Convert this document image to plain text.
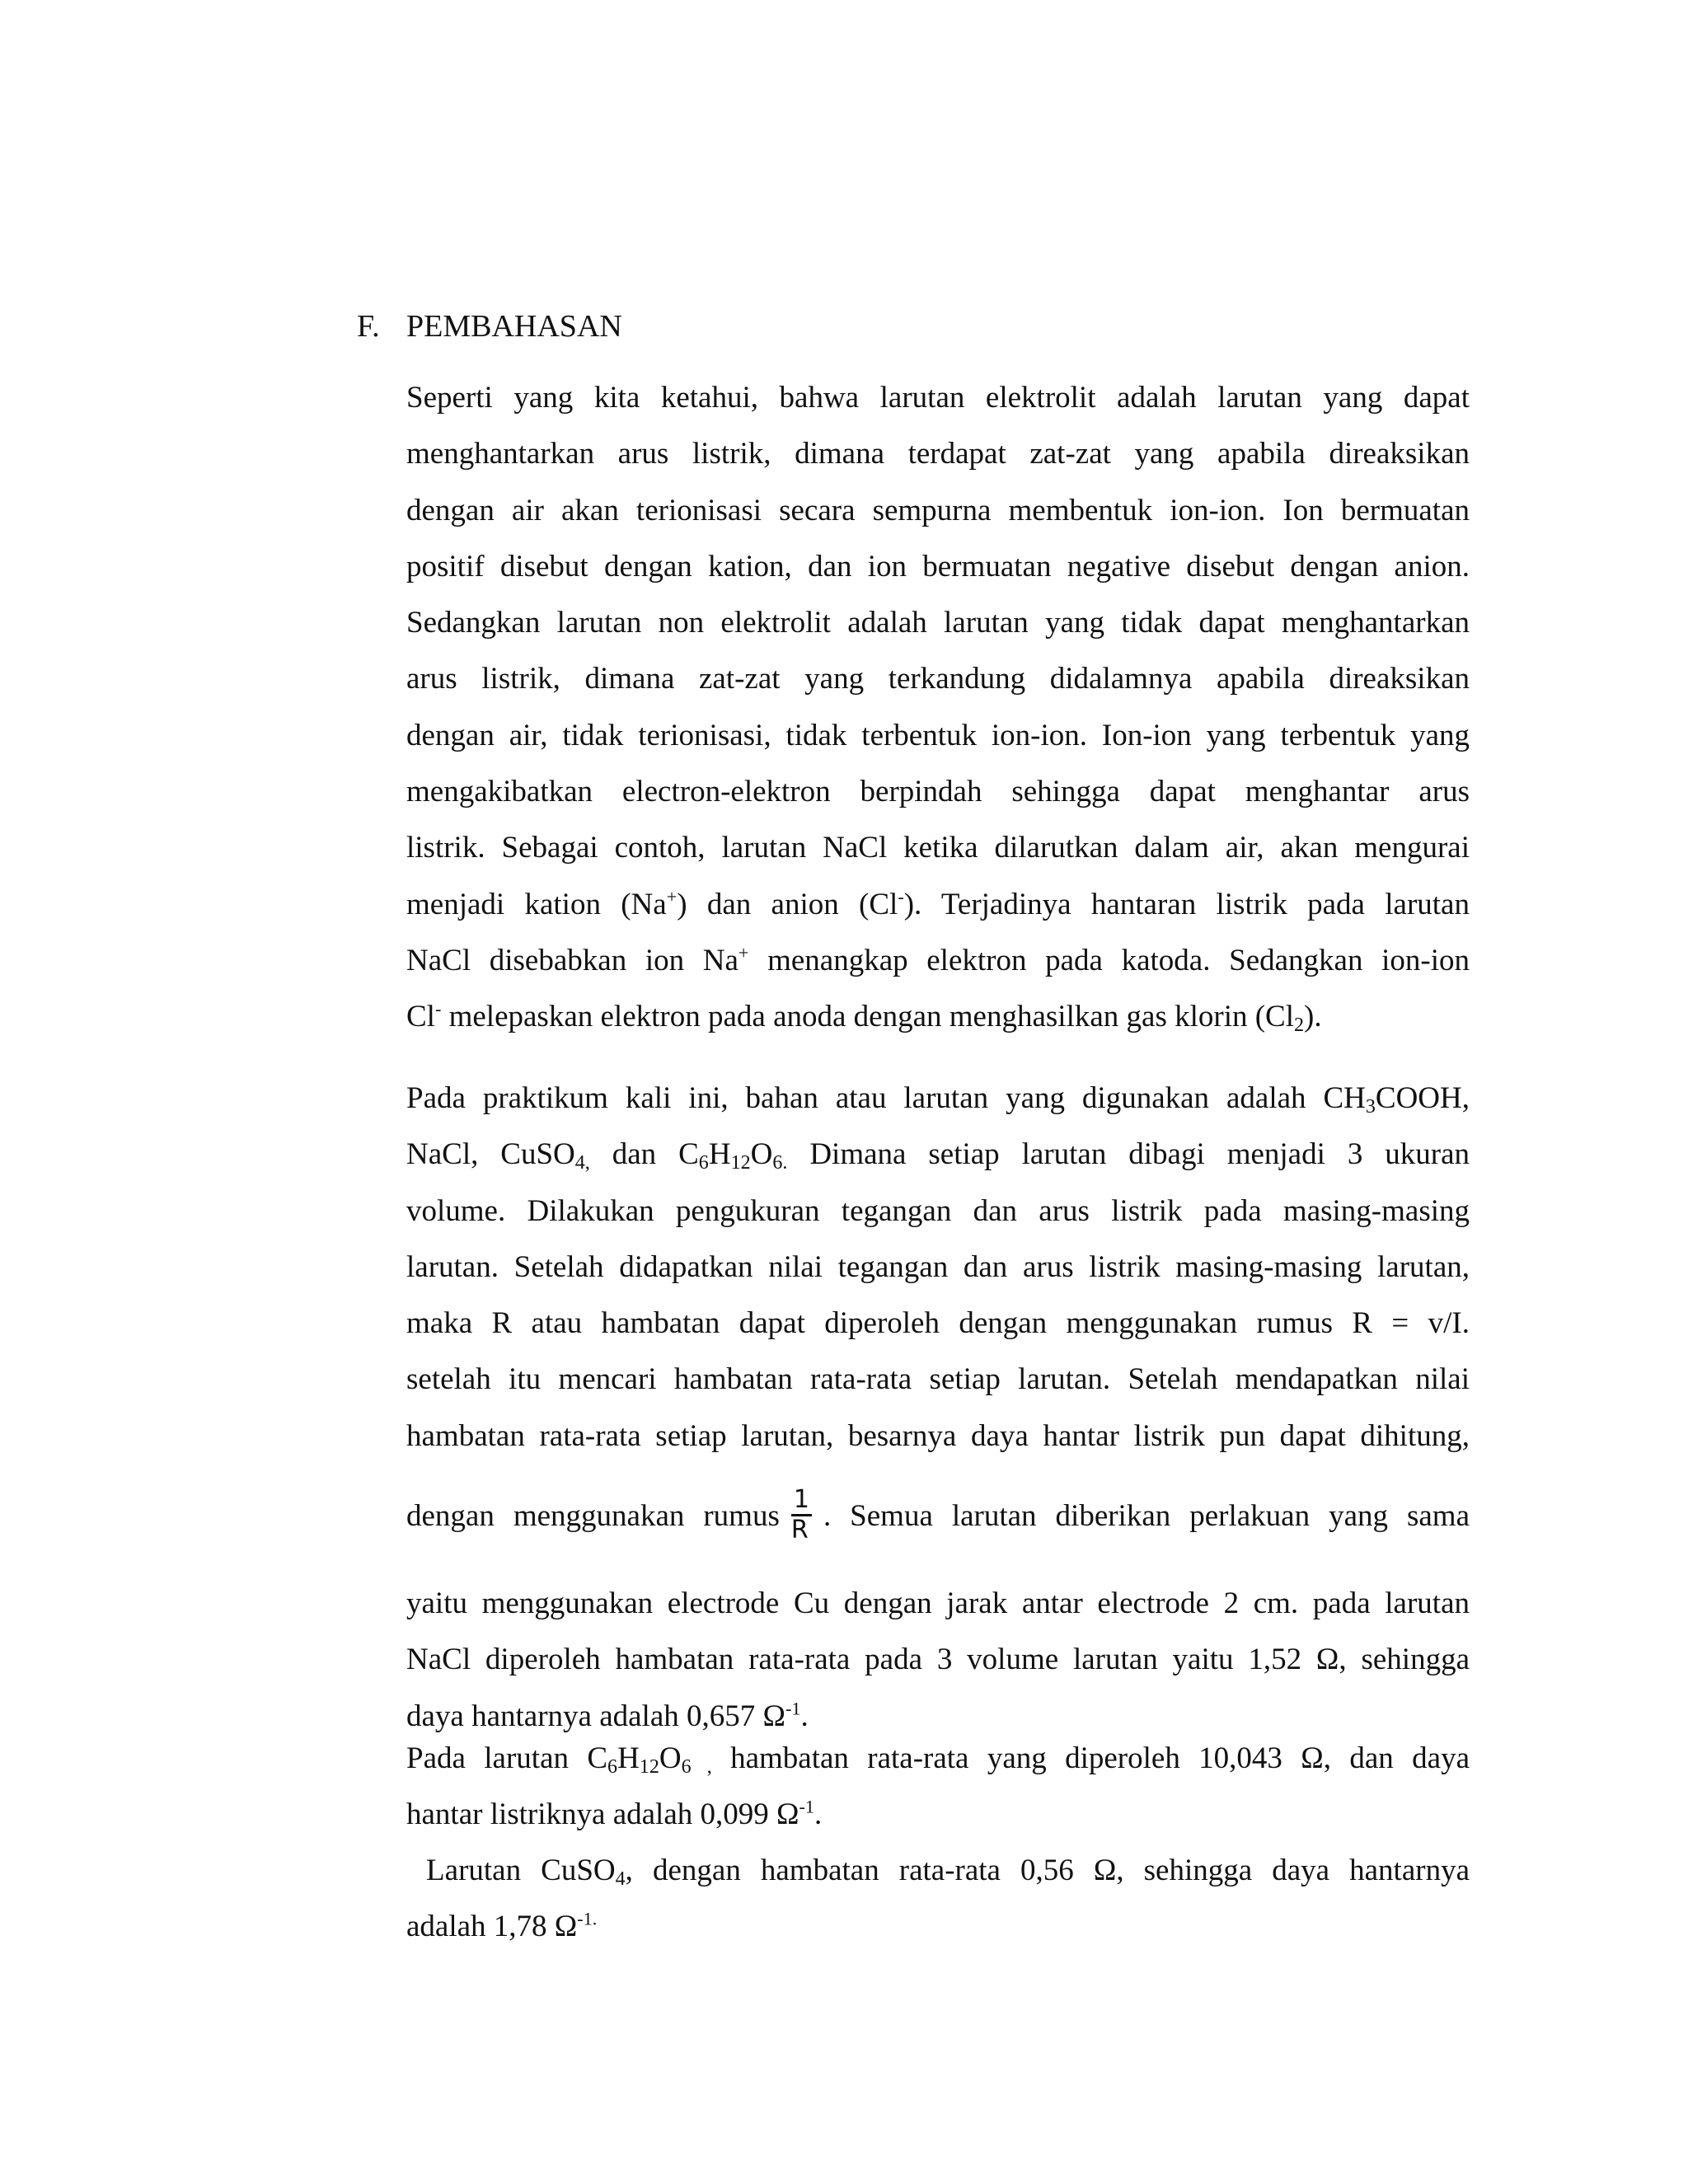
F. PEMBAHASAN
Seperti yang kita ketahui, bahwa larutan elektrolit adalah larutan yang dapat
menghantarkan arus listrik, dimana terdapat zat-zat yang apabila direaksikan
dengan air akan terionisasi secara sempurna membentuk ion-ion. Ion bermuatan
positif disebut dengan kation, dan ion bermuatan negative disebut dengan anion.
Sedangkan larutan non elektrolit adalah larutan yang tidak dapat menghantarkan
arus listrik, dimana zat-zat yang terkandung didalamnya apabila direaksikan
dengan air, tidak terionisasi, tidak terbentuk ion-ion. Ion-ion yang terbentuk yang
mengakibatkan electron-elektron berpindah sehingga dapat menghantar arus
listrik. Sebagai contoh, larutan NaCl ketika dilarutkan dalam air, akan mengurai
menjadi kation (Na+) dan anion (Cl-). Terjadinya hantaran listrik pada larutan
NaCl disebabkan ion Na+ menangkap elektron pada katoda. Sedangkan ion-ion
Cl- melepaskan elektron pada anoda dengan menghasilkan gas klorin $(Cl_2)$.
Pada praktikum kali ini, bahan atau larutan yang digunakan adalah $CH_3COOH$,
NaCl, CuSO$_{4,}$ dan $C_6H_{12}O_{6.}$ Dimana setiap larutan dibagi menjadi 3 ukuran
volume. Dilakukan pengukuran tegangan dan arus listrik pada masing-masing
larutan. Setelah didapatkan nilai tegangan dan arus listrik masing-masing larutan,
maka R atau hambatan dapat diperoleh dengan menggunakan rumus R = v/I.
setelah itu mencari hambatan rata-rata setiap larutan. Setelah mendapatkan nilai
hambatan rata-rata setiap larutan, besarnya daya hantar listrik pun dapat dihitung,
dengan menggunakan rumus $\frac{1}{R}$ . Semua larutan diberikan perlakuan yang sama
yaitu menggunakan electrode Cu dengan jarak antar electrode 2 cm. pada larutan
NaCl diperoleh hambatan rata-rata pada 3 volume larutan yaitu 1,52 Ω, sehingga
daya hantarnya adalah 0,657 $\Omega^{-1}$.
Pada larutan $C_6H_{12}O_{6 ,}$ hambatan rata-rata yang diperoleh 10,043 Ω, dan daya
hantar listriknya adalah 0,099 $\Omega^{-1}$.
Larutan CuSO$_4$, dengan hambatan rata-rata 0,56 Ω, sehingga daya hantarnya
adalah 1,78 $\Omega^{-1.}$
